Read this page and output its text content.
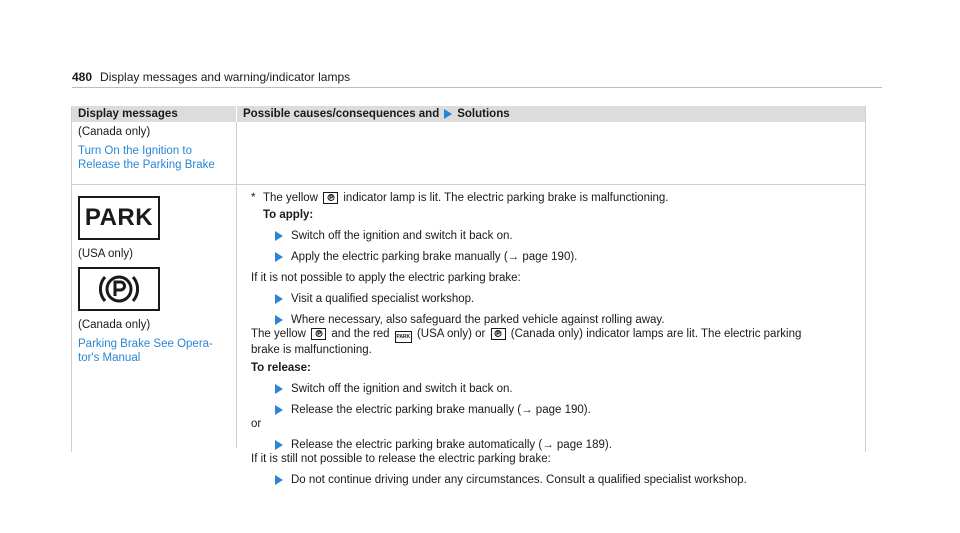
480 Display messages and warning/indicator lamps
Display messages	Possible causes/consequences and Solutions
(Canada only)
Turn On the Ignition to
Release the Parking Brake
PARK
(USA only)
(Canada only)
Parking Brake See Opera-
tor's Manual
* The yellow indicator lamp is lit. The electric parking brake is malfunctioning.
To apply:
Switch off the ignition and switch it back on.
Apply the electric parking brake manually (→ page 190).
If it is not possible to apply the electric parking brake:
Visit a qualified specialist workshop.
Where necessary, also safeguard the parked vehicle against rolling away.
The yellow and the red PARK (USA only) or (Canada only) indicator lamps are lit. The electric parking
brake is malfunctioning.
To release:
Switch off the ignition and switch it back on.
Release the electric parking brake manually (→ page 190).
or
Release the electric parking brake automatically (→ page 189).
If it is still not possible to release the electric parking brake:
Do not continue driving under any circumstances. Consult a qualified specialist workshop.
